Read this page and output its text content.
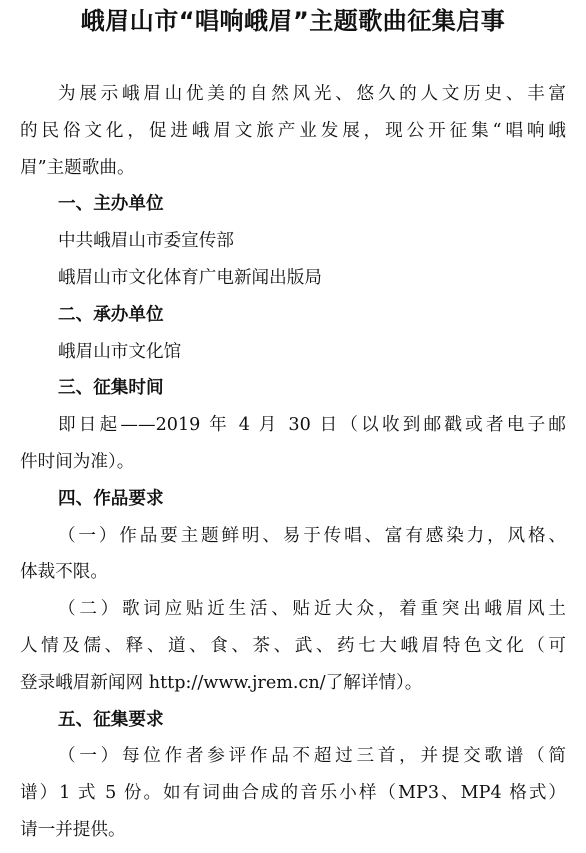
峨眉山市“唱响峨眉”主题歌曲征集启事
为展示峨眉山优美的自然风光、悠久的人文历史、丰富
的民俗文化，促进峨眉文旅产业发展，现公开征集“唱响峨
眉”主题歌曲。
一、主办单位
中共峨眉山市委宣传部
峨眉山市文化体育广电新闻出版局
二、承办单位
峨眉山市文化馆
三、征集时间
即日起——2019 年 4 月 30 日（以收到邮戳或者电子邮
件时间为准）。
四、作品要求
（一）作品要主题鲜明、易于传唱、富有感染力，风格、
体裁不限。
（二）歌词应贴近生活、贴近大众，着重突出峨眉风土
人情及儒、释、道、食、茶、武、药七大峨眉特色文化（可
登录峨眉新闻网 http://www.jrem.cn/了解详情）。
五、征集要求
（一）每位作者参评作品不超过三首，并提交歌谱（简
谱）1 式 5 份。如有词曲合成的音乐小样（MP3、MP4 格式）
请一并提供。
